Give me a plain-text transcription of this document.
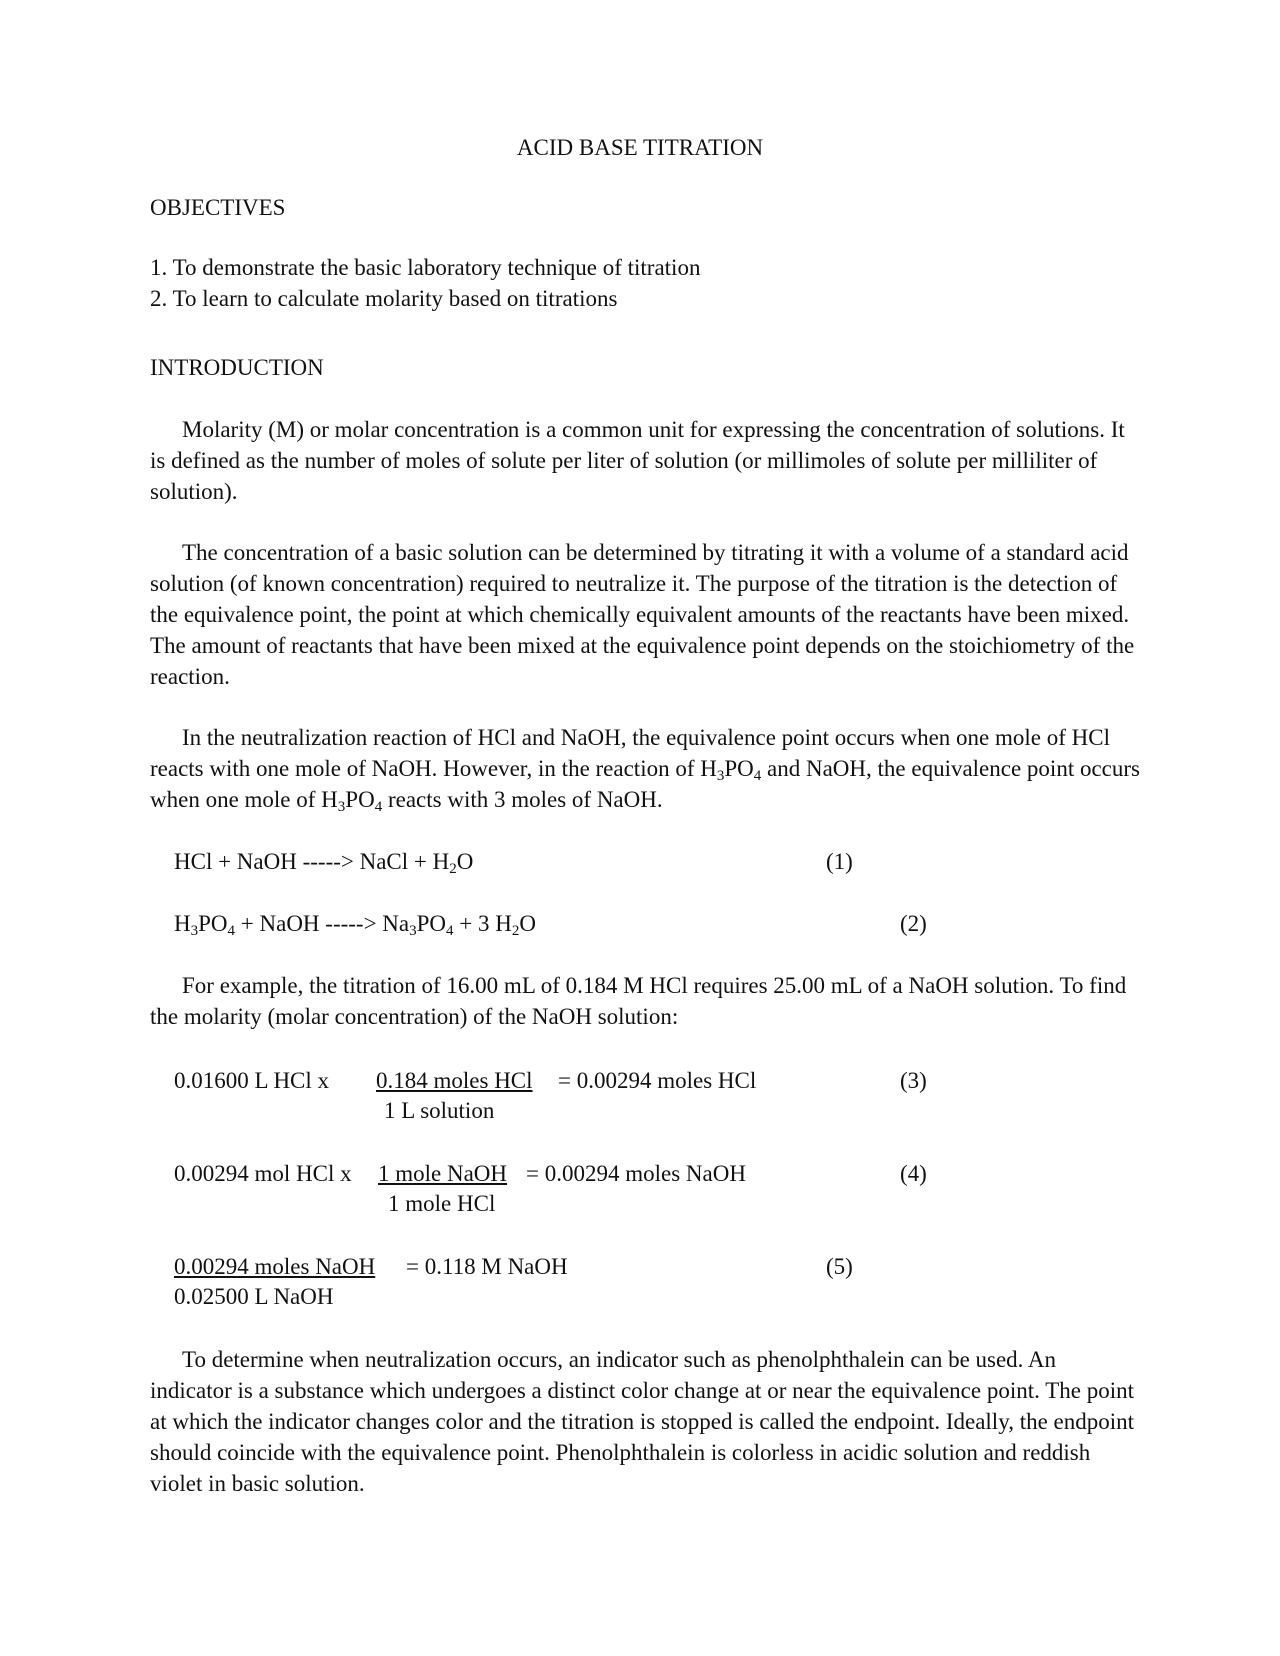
ACID BASE TITRATION
OBJECTIVES
1. To demonstrate the basic laboratory technique of titration
2. To learn to calculate molarity based on titrations
INTRODUCTION
Molarity (M) or molar concentration is a common unit for expressing the concentration of solutions. It is defined as the number of moles of solute per liter of solution (or millimoles of solute per milliliter of solution).
The concentration of a basic solution can be determined by titrating it with a volume of a standard acid solution (of known concentration) required to neutralize it. The purpose of the titration is the detection of the equivalence point, the point at which chemically equivalent amounts of the reactants have been mixed. The amount of reactants that have been mixed at the equivalence point depends on the stoichiometry of the reaction.
In the neutralization reaction of HCl and NaOH, the equivalence point occurs when one mole of HCl reacts with one mole of NaOH. However, in the reaction of $H_3PO_4$ and NaOH, the equivalence point occurs when one mole of $H_3PO_4$ reacts with 3 moles of NaOH.
HCl + NaOH -----> NaCl + $H_2O$	(1)
$H_3PO_4$ + NaOH -----> $Na_3PO_4 + 3$ $H_2O$	(2)
For example, the titration of 16.00 mL of 0.184 M HCl requires 25.00 mL of a NaOH solution. To find the molarity (molar concentration) of the NaOH solution:
0.01600 L HCl x 0.184 moles HCl = 0.00294 moles HCl
1 L solution
(3)
0.00294 mol HCl x 1 mole NaOH = 0.00294 moles NaOH
1 mole HCl
(4)
0.00294 moles NaOH = 0.118 M NaOH
0.02500 L NaOH
(5)
To determine when neutralization occurs, an indicator such as phenolphthalein can be used. An indicator is a substance which undergoes a distinct color change at or near the equivalence point. The point at which the indicator changes color and the titration is stopped is called the endpoint. Ideally, the endpoint should coincide with the equivalence point. Phenolphthalein is colorless in acidic solution and reddish violet in basic solution.
